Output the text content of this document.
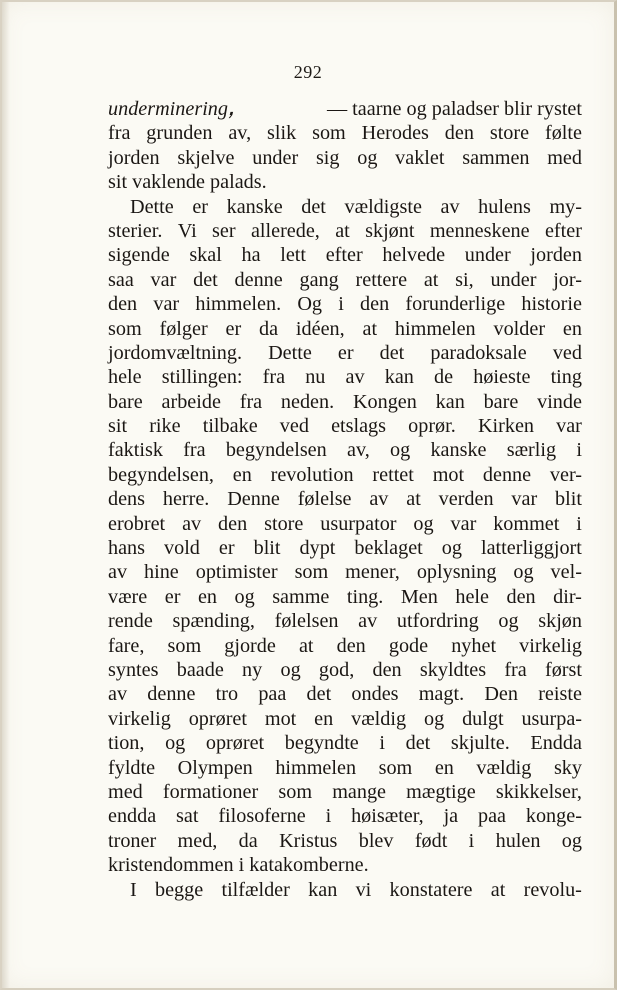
292
undermineringꓹ	— taarne og paladser blir rystet
fra grunden av, slik som Herodes den store følte
jorden skjelve under sig og vaklet sammen med
sit vaklende palads.
Dette er kanske det vældigste av hulens my-
sterier. Vi ser allerede, at skjønt menneskene efter
sigende skal ha lett efter helvede under jorden
saa var det denne gang rettere at si, under jor-
den var himmelen. Og i den forunderlige historie
som følger er da idéen, at himmelen volder en
jordomvæltning. Dette er det paradoksale ved
hele stillingen: fra nu av kan de høieste ting
bare arbeide fra neden. Kongen kan bare vinde
sit rike tilbake ved etslags oprør. Kirken var
faktisk fra begyndelsen av, og kanske særlig i
begyndelsen, en revolution rettet mot denne ver-
dens herre. Denne følelse av at verden var blit
erobret av den store usurpator og var kommet i
hans vold er blit dypt beklaget og latterliggjort
av hine optimister som mener, oplysning og vel-
være er en og samme ting. Men hele den dir-
rende spænding, følelsen av utfordring og skjøn
fare, som gjorde at den gode nyhet virkelig
syntes baade ny og god, den skyldtes fra først
av denne tro paa det ondes magt. Den reiste
virkelig oprøret mot en vældig og dulgt usurpa-
tion, og oprøret begyndte i det skjulte. Endda
fyldte Olympen himmelen som en vældig sky
med formationer som mange mægtige skikkelser,
endda sat filosoferne i høisæter, ja paa konge-
troner med, da Kristus blev født i hulen og
kristendommen i katakomberne.
I begge tilfælder kan vi konstatere at revolu-
